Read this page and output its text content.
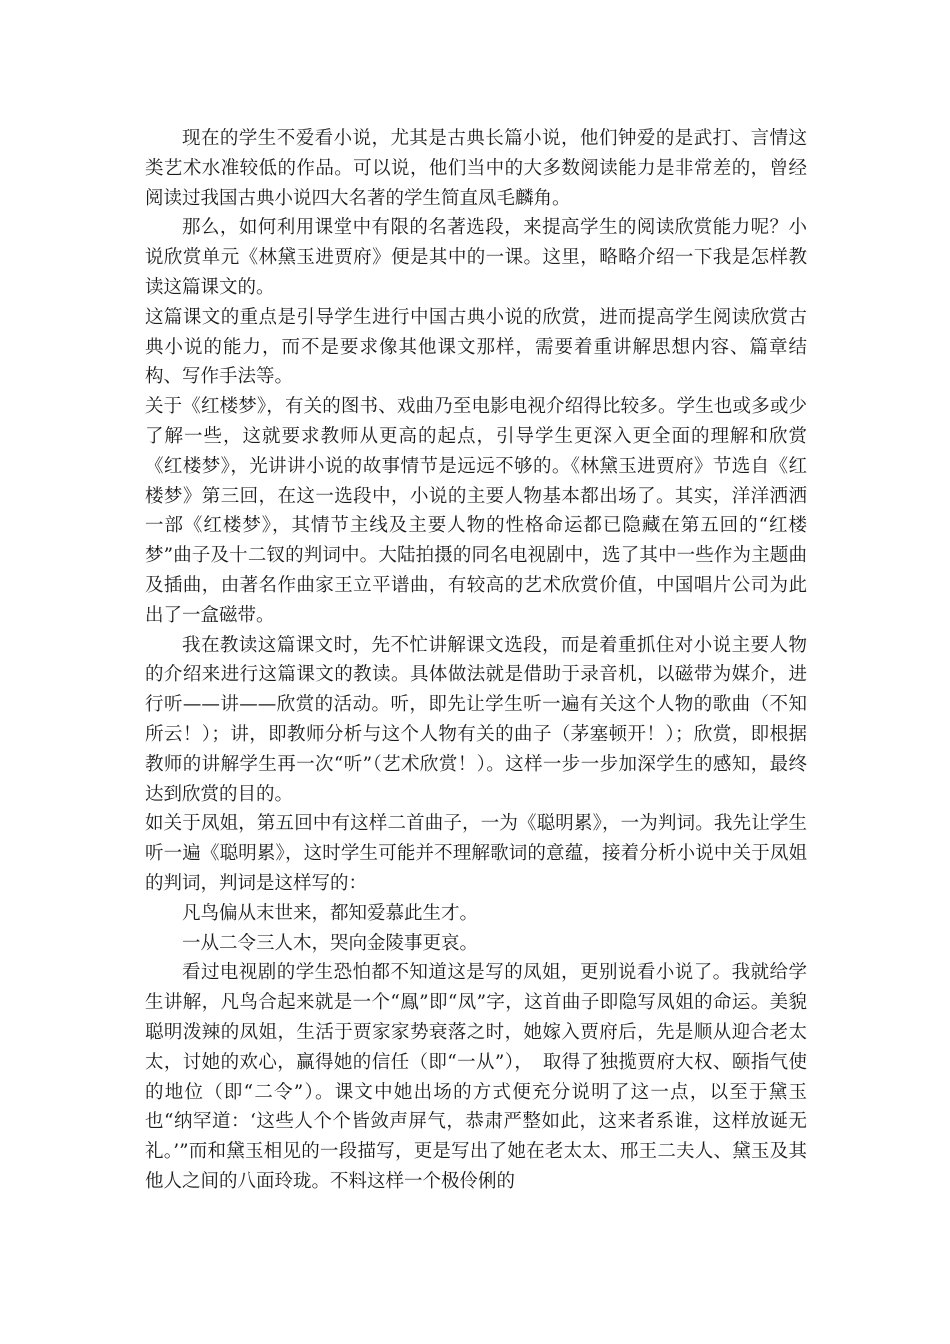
现在的学生不爱看小说，尤其是古典长篇小说，他们钟爱的是武打、言情这类艺术水准较低的作品。可以说，他们当中的大多数阅读能力是非常差的，曾经阅读过我国古典小说四大名著的学生简直凤毛麟角。

那么，如何利用课堂中有限的名著选段，来提高学生的阅读欣赏能力呢？小说欣赏单元《林黛玉进贾府》便是其中的一课。这里，略略介绍一下我是怎样教读这篇课文的。

这篇课文的重点是引导学生进行中国古典小说的欣赏，进而提高学生阅读欣赏古典小说的能力，而不是要求像其他课文那样，需要着重讲解思想内容、篇章结构、写作手法等。

关于《红楼梦》，有关的图书、戏曲乃至电影电视介绍得比较多。学生也或多或少了解一些，这就要求教师从更高的起点，引导学生更深入更全面的理解和欣赏《红楼梦》，光讲讲小说的故事情节是远远不够的。《林黛玉进贾府》节选自《红楼梦》第三回，在这一选段中，小说的主要人物基本都出场了。其实，洋洋洒洒一部《红楼梦》，其情节主线及主要人物的性格命运都已隐藏在第五回的“红楼梦”曲子及十二钗的判词中。大陆拍摄的同名电视剧中，选了其中一些作为主题曲及插曲，由著名作曲家王立平谱曲，有较高的艺术欣赏价值，中国唱片公司为此出了一盒磁带。

我在教读这篇课文时，先不忙讲解课文选段，而是着重抓住对小说主要人物的介绍来进行这篇课文的教读。具体做法就是借助于录音机，以磁带为媒介，进行听——讲——欣赏的活动。听，即先让学生听一遍有关这个人物的歌曲（不知所云！）；讲，即教师分析与这个人物有关的曲子（茅塞顿开！）；欣赏，即根据教师的讲解学生再一次“听”（艺术欣赏！）。这样一步一步加深学生的感知，最终达到欣赏的目的。

如关于凤姐，第五回中有这样二首曲子，一为《聪明累》，一为判词。我先让学生听一遍《聪明累》，这时学生可能并不理解歌词的意蕴，接着分析小说中关于凤姐的判词，判词是这样写的：

凡鸟偏从末世来，都知爱慕此生才。

一从二令三人木，哭向金陵事更哀。

看过电视剧的学生恐怕都不知道这是写的凤姐，更别说看小说了。我就给学生讲解，凡鸟合起来就是一个“鳯”即“凤”字，这首曲子即隐写凤姐的命运。美貌聪明泼辣的凤姐，生活于贾家家势衰落之时，她嫁入贾府后，先是顺从迎合老太太，讨她的欢心，赢得她的信任（即“一从”），　取得了独揽贾府大权、颐指气使的地位（即“二令”）。课文中她出场的方式便充分说明了这一点，以至于黛玉也“纳罕道：‘这些人个个皆敛声屏气，恭肃严整如此，这来者系谁，这样放诞无礼。’”而和黛玉相见的一段描写，更是写出了她在老太太、邢王二夫人、黛玉及其他人之间的八面玲珑。不料这样一个极伶俐的
